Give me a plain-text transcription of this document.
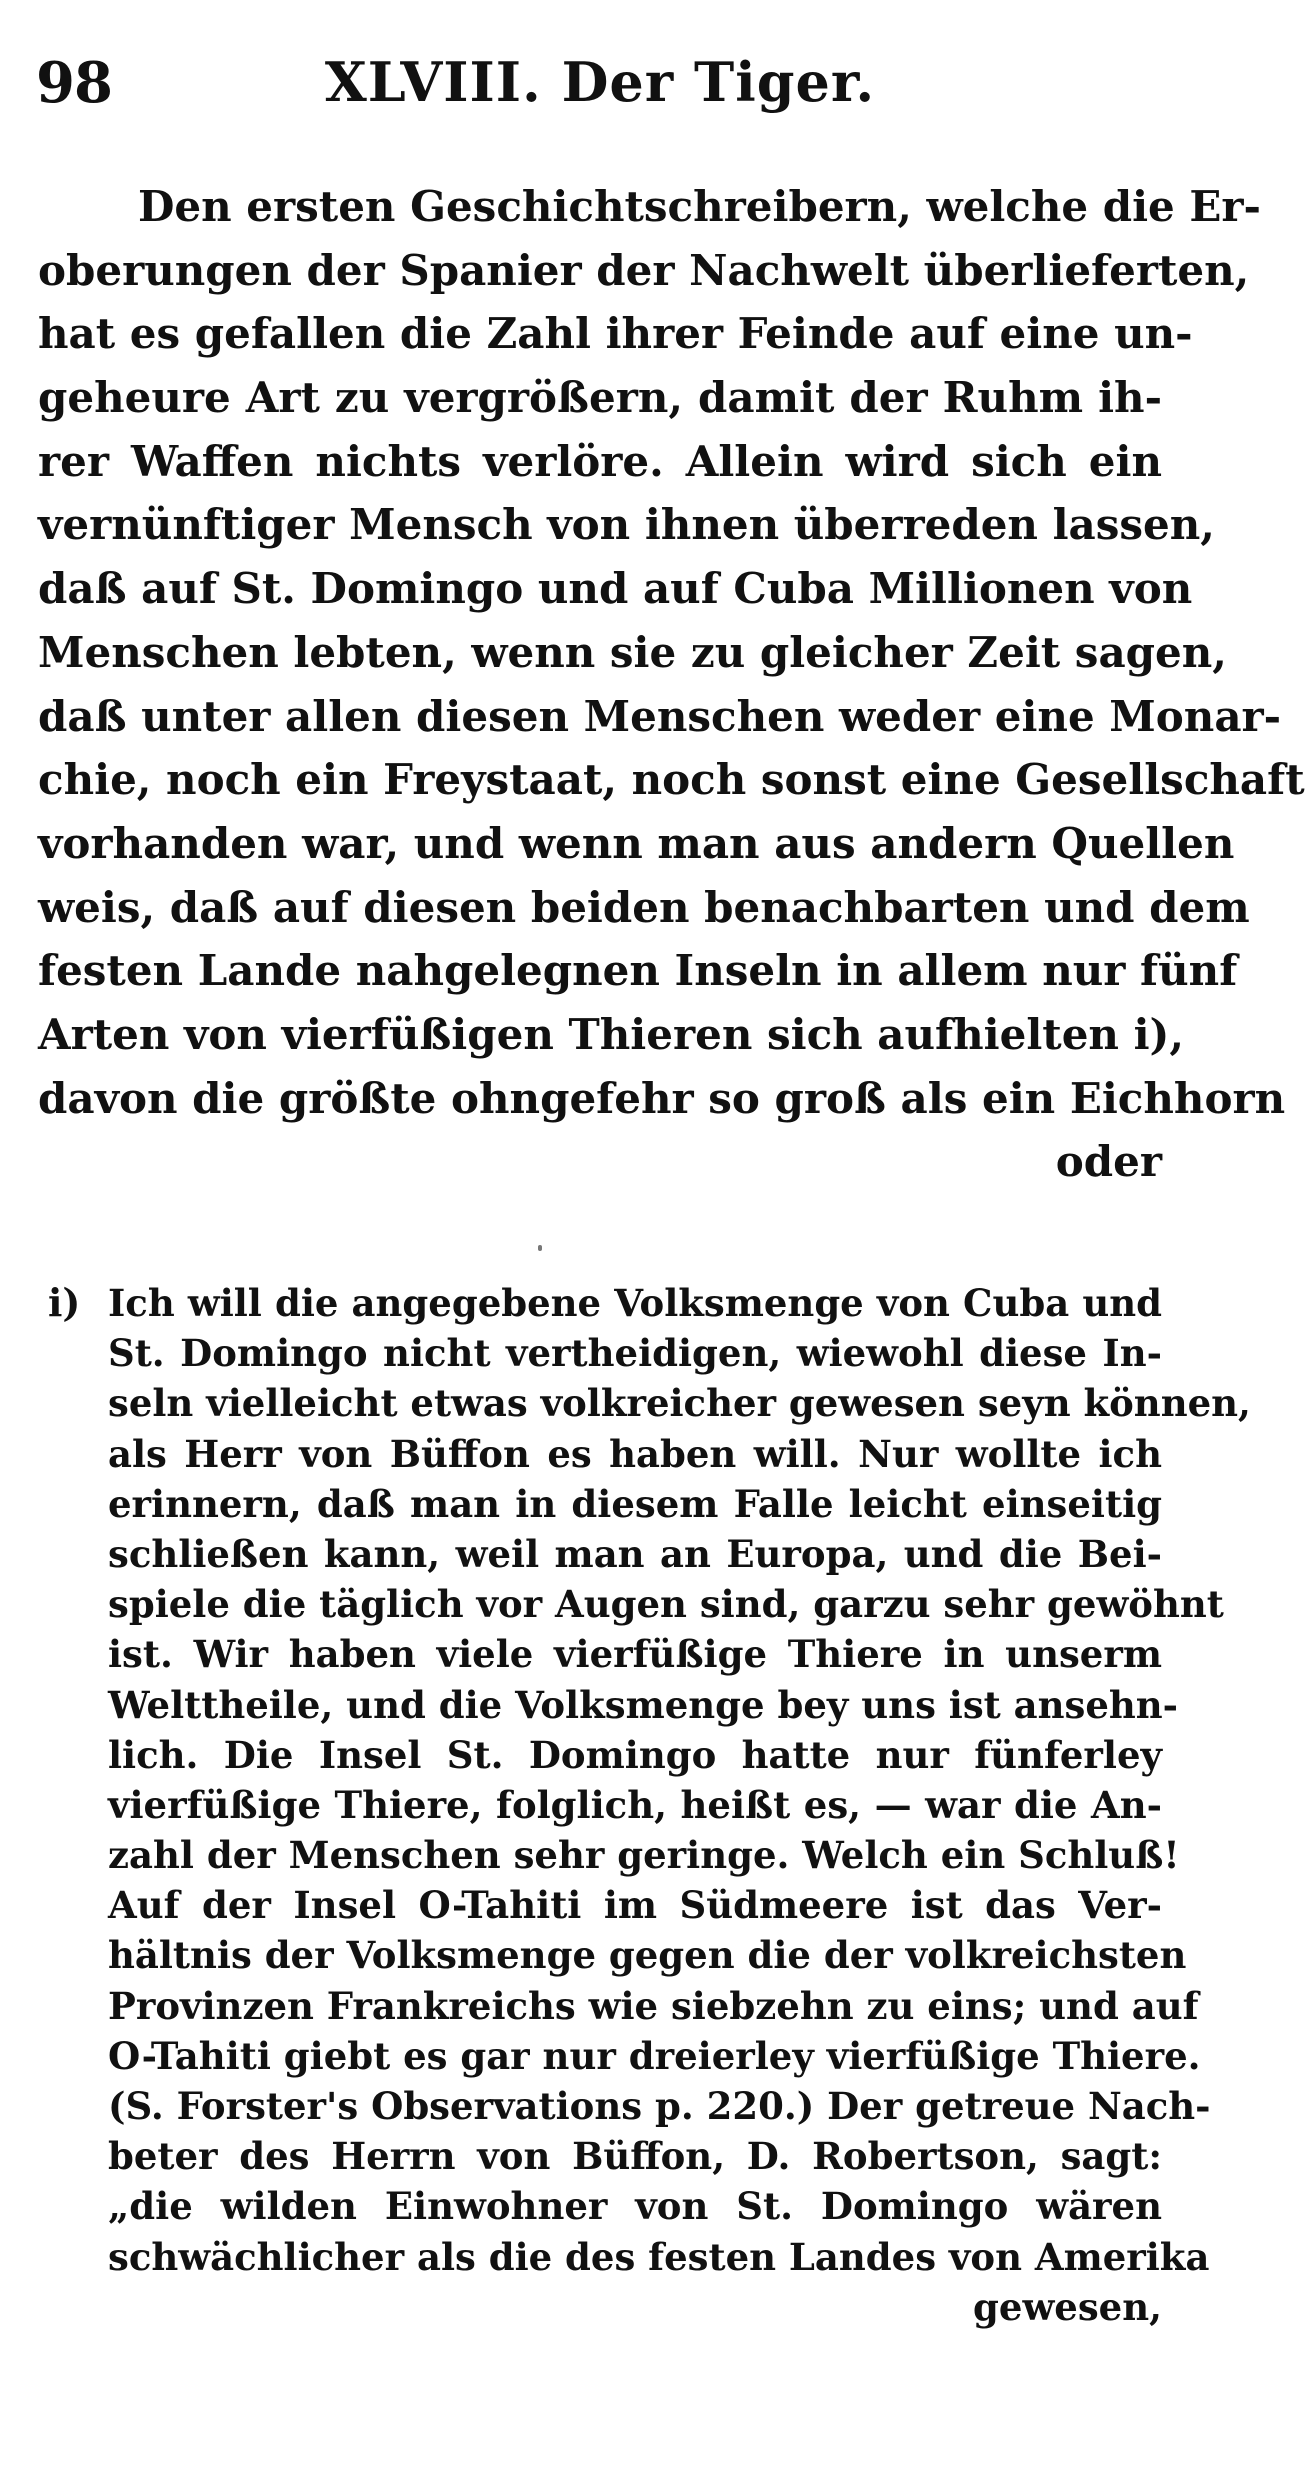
98	XLVIII. Der Tiger.
Den ersten Geschichtschreibern, welche die Er-
oberungen der Spanier der Nachwelt überlieferten,
hat es gefallen die Zahl ihrer Feinde auf eine un-
geheure Art zu vergrößern, damit der Ruhm ih-
rer Waffen nichts verlöre. Allein wird sich ein
vernünftiger Mensch von ihnen überreden lassen,
daß auf St. Domingo und auf Cuba Millionen von
Menschen lebten, wenn sie zu gleicher Zeit sagen,
daß unter allen diesen Menschen weder eine Monar-
chie, noch ein Freystaat, noch sonst eine Gesellschaft
vorhanden war, und wenn man aus andern Quellen
weis, daß auf diesen beiden benachbarten und dem
festen Lande nahgelegnen Inseln in allem nur fünf
Arten von vierfüßigen Thieren sich aufhielten i),
davon die größte ohngefehr so groß als ein Eichhorn
oder
i) Ich will die angegebene Volksmenge von Cuba und
St. Domingo nicht vertheidigen, wiewohl diese In-
seln vielleicht etwas volkreicher gewesen seyn können,
als Herr von Büffon es haben will. Nur wollte ich
erinnern, daß man in diesem Falle leicht einseitig
schließen kann, weil man an Europa, und die Bei-
spiele die täglich vor Augen sind, garzu sehr gewöhnt
ist. Wir haben viele vierfüßige Thiere in unserm
Welttheile, und die Volksmenge bey uns ist ansehn-
lich. Die Insel St. Domingo hatte nur fünferley
vierfüßige Thiere, folglich, heißt es, — war die An-
zahl der Menschen sehr geringe. Welch ein Schluß!
Auf der Insel O-Tahiti im Südmeere ist das Ver-
hältnis der Volksmenge gegen die der volkreichsten
Provinzen Frankreichs wie siebzehn zu eins; und auf
O-Tahiti giebt es gar nur dreierley vierfüßige Thiere.
(S. Forster's Observations p. 220.) Der getreue Nach-
beter des Herrn von Büffon, D. Robertson, sagt:
„die wilden Einwohner von St. Domingo wären
schwächlicher als die des festen Landes von Amerika
gewesen,
